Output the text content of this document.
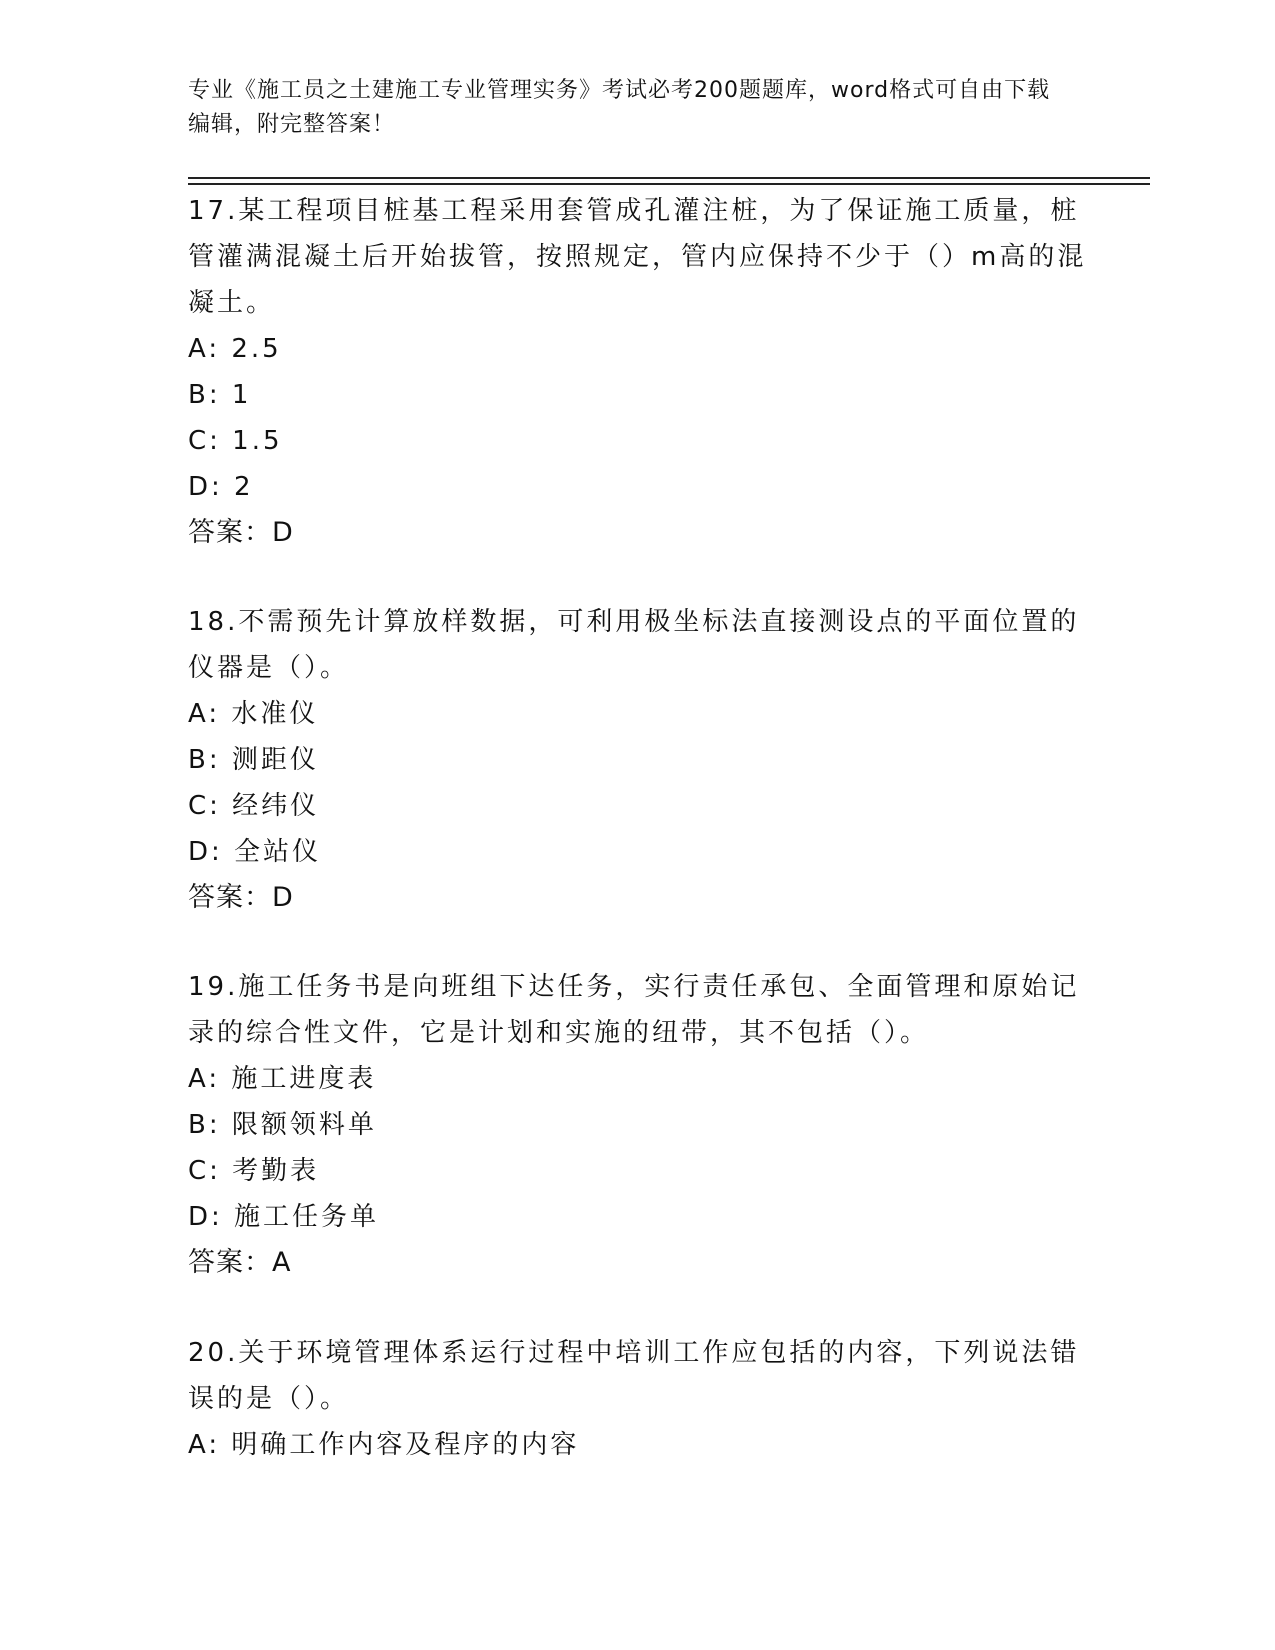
专业《施工员之土建施工专业管理实务》考试必考200题题库，word格式可自由下载编辑，附完整答案！

17.某工程项目桩基工程采用套管成孔灌注桩，为了保证施工质量，桩管灌满混凝土后开始拔管，按照规定，管内应保持不少于（）m高的混凝土。

A: 2.5

B: 1

C: 1.5

D: 2

答案：D

18.不需预先计算放样数据，可利用极坐标法直接测设点的平面位置的仪器是（）。

A: 水准仪

B: 测距仪

C: 经纬仪

D: 全站仪

答案：D

19.施工任务书是向班组下达任务，实行责任承包、全面管理和原始记录的综合性文件，它是计划和实施的纽带，其不包括（）。

A: 施工进度表

B: 限额领料单

C: 考勤表

D: 施工任务单

答案：A

20.关于环境管理体系运行过程中培训工作应包括的内容，下列说法错误的是（）。

A: 明确工作内容及程序的内容
